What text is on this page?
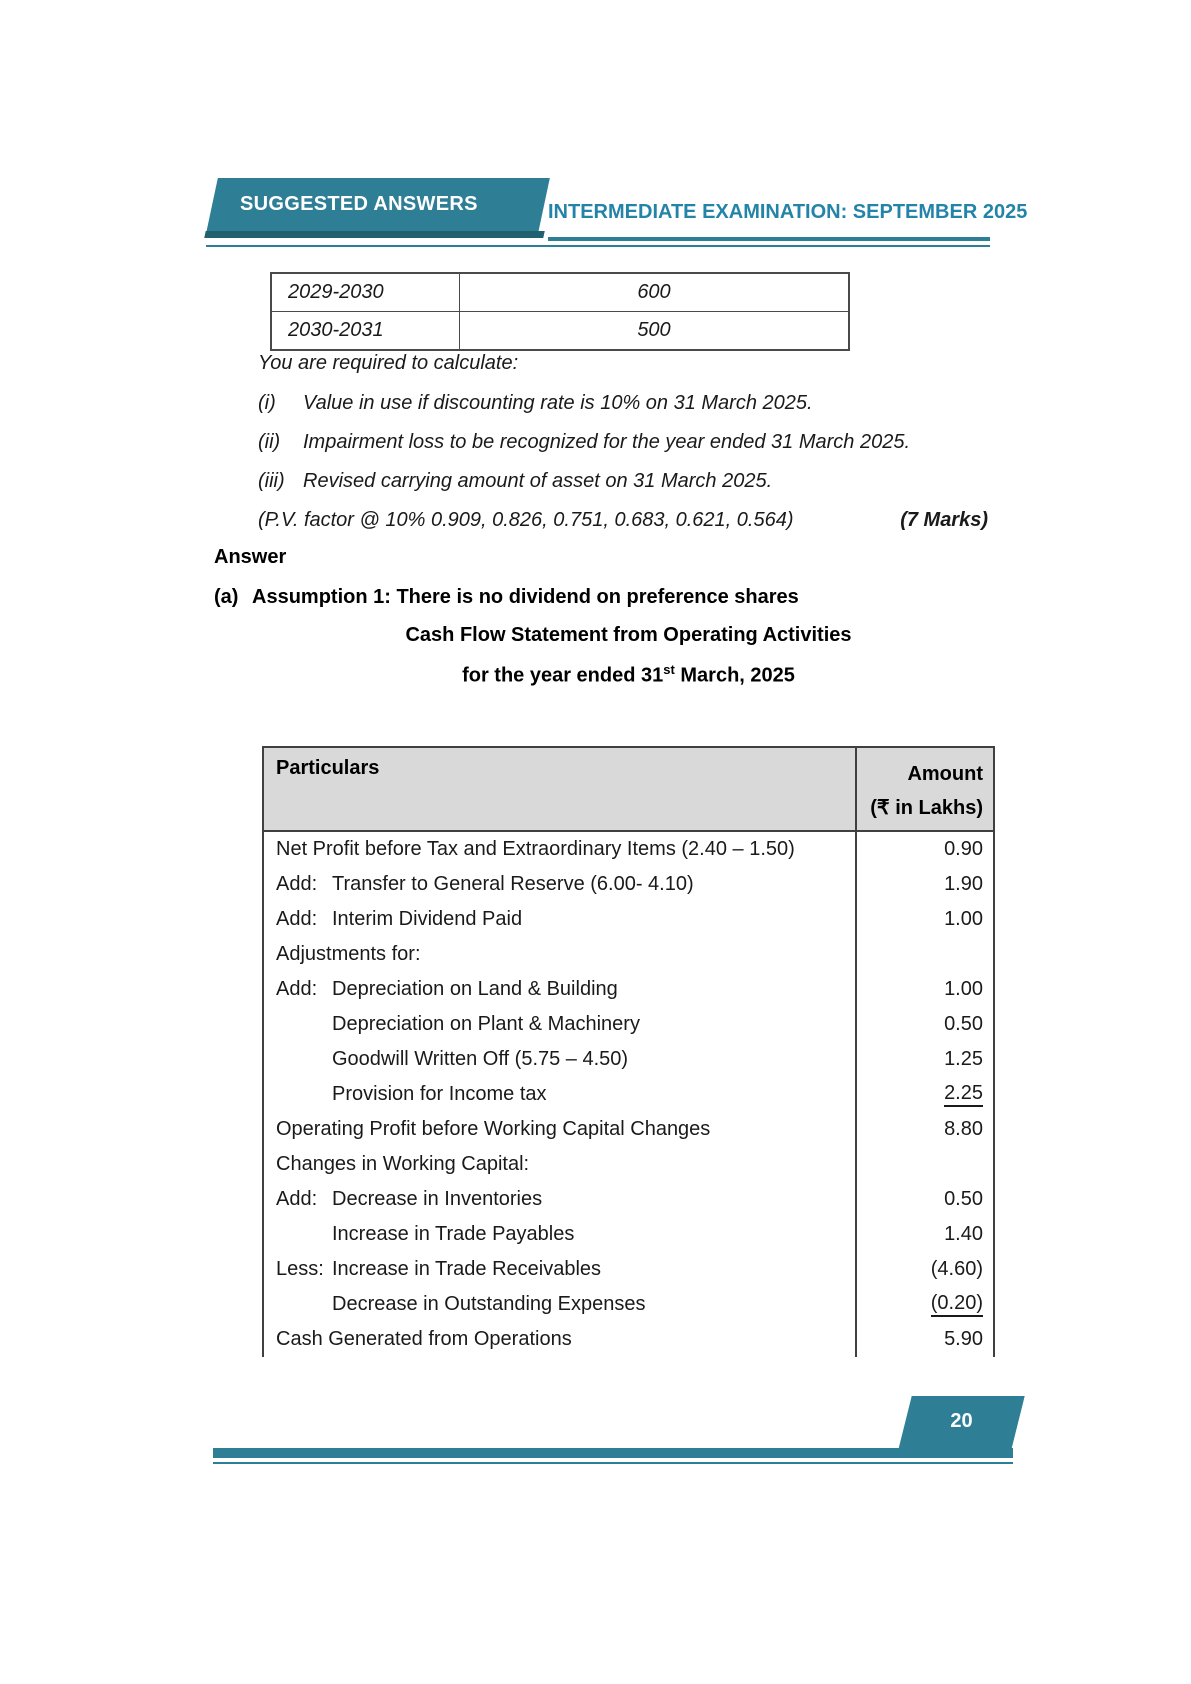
SUGGESTED ANSWERS	INTERMEDIATE EXAMINATION: SEPTEMBER 2025
2029-2030	600
2030-2031	500
You are required to calculate:
(i)	Value in use if discounting rate is 10% on 31 March 2025.
(ii)	Impairment loss to be recognized for the year ended 31 March 2025.
(iii) Revised carrying amount of asset on 31 March 2025.
(P.V. factor @ 10% 0.909, 0.826, 0.751, 0.683, 0.621, 0.564)	(7 Marks)
Answer
(a) Assumption 1: There is no dividend on preference shares
Cash Flow Statement from Operating Activities
for the year ended 31st March, 2025
Particulars	Amount
(₹ in Lakhs)
Net Profit before Tax and Extraordinary Items (2.40 – 1.50)	0.90
Add: Transfer to General Reserve (6.00- 4.10)	1.90
Add: Interim Dividend Paid	1.00
Adjustments for:
Add: Depreciation on Land & Building	1.00
Depreciation on Plant & Machinery	0.50
Goodwill Written Off (5.75 – 4.50)	1.25
Provision for Income tax	2.25
Operating Profit before Working Capital Changes	8.80
Changes in Working Capital:
Add: Decrease in Inventories	0.50
Increase in Trade Payables	1.40
Less: Increase in Trade Receivables	(4.60)
Decrease in Outstanding Expenses	(0.20)
Cash Generated from Operations	5.90
20
